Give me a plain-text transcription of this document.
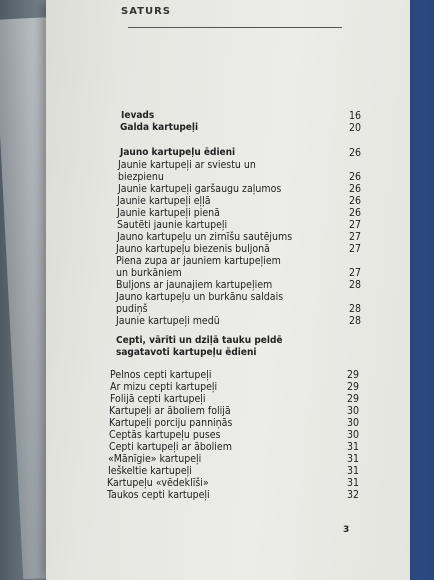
SATURS
Ievads	16
Galda kartupeļi	20
Jauno kartupeļu ēdieni	26
Jaunie kartupeļi ar sviestu un
biezpienu	26
Jaunie kartupeļi garšaugu zaļumos	26
Jaunie kartupeļi eļļā	26
Jaunie kartupeļi pienā	26
Sautēti jaunie kartupeļi	27
Jauno kartupeļu un zirnīšu sautējums	27
Jauno kartupeļu biezenis buljonā	27
Piena zupa ar jauniem kartupeļiem
un burkāniem	27
Buljons ar jaunajiem kartupeļiem	28
Jauno kartupeļu un burkānu saldais
pudiņš	28
Jaunie kartupeļi medū	28
Cepti, vārīti un dziļā tauku peldē
sagatavoti kartupeļu ēdieni
Pelnos cepti kartupeļi	29
Ar mizu cepti kartupeļi	29
Folijā cepti kartupeļi	29
Kartupeļi ar āboliem folijā	30
Kartupeļi porciju panniņās	30
Ceptās kartupeļu puses	30
Cepti kartupeļi ar āboliem	31
«Mānīgie» kartupeļi	31
Ieškeltie kartupeļi	31
Kartupeļu «vēdeklīši»	31
Taukos cepti kartupeļi	32
3
